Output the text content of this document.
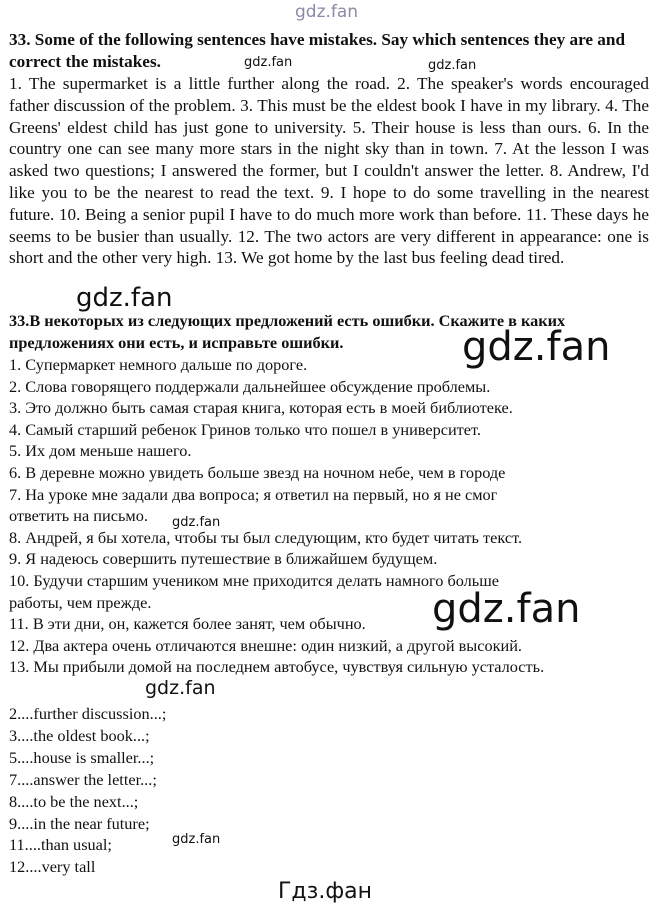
gdz.fan
33. Some of the following sentences have mistakes. Say which sentences they are and correct the mistakes.
1. The supermarket is a little further along the road. 2. The speaker's words encouraged father discussion of the problem. 3. This must be the eldest book I have in my library. 4. The Greens' eldest child has just gone to university. 5. Their house is less than ours. 6. In the country one can see many more stars in the night sky than in town. 7. At the lesson I was asked two questions; I answered the former, but I couldn't answer the letter. 8. Andrew, I'd like you to be the nearest to read the text. 9. I hope to do some travelling in the nearest future. 10. Being a senior pupil I have to do much more work than before. 11. These days he seems to be busier than usually. 12. The two actors are very different in appearance: one is short and the other very high. 13. We got home by the last bus feeling dead tired.
33.В некоторых из следующих предложений есть ошибки. Скажите в каких предложениях они есть, и исправьте ошибки.
1. Супермаркет немного дальше по дороге.
2. Слова говорящего поддержали дальнейшее обсуждение проблемы.
3. Это должно быть самая старая книга, которая есть в моей библиотеке.
4. Самый старший ребенок Гринов только что пошел в университет.
5. Их дом меньше нашего.
6. В деревне можно увидеть больше звезд на ночном небе, чем в городе
7. На уроке мне задали два вопроса; я ответил на первый, но я не смог
ответить на письмо.
8. Андрей, я бы хотела, чтобы ты был следующим, кто будет читать текст.
9. Я надеюсь совершить путешествие в ближайшем будущем.
10. Будучи старшим учеником мне приходится делать намного больше
работы, чем прежде.
11. В эти дни, он, кажется более занят, чем обычно.
12. Два актера очень отличаются внешне: один низкий, а другой высокий.
13. Мы прибыли домой на последнем автобусе, чувствуя сильную усталость.
2....further discussion...;
3....the oldest book...;
5....house is smaller...;
7....answer the letter...;
8....to be the next...;
9....in the near future;
11....than usual;
12....very tall
gdz.fan	gdz.fan
gdz.fan
gdz.fan
gdz.fan
gdz.fan
gdz.fan
gdz.fan
Гдз.фан
